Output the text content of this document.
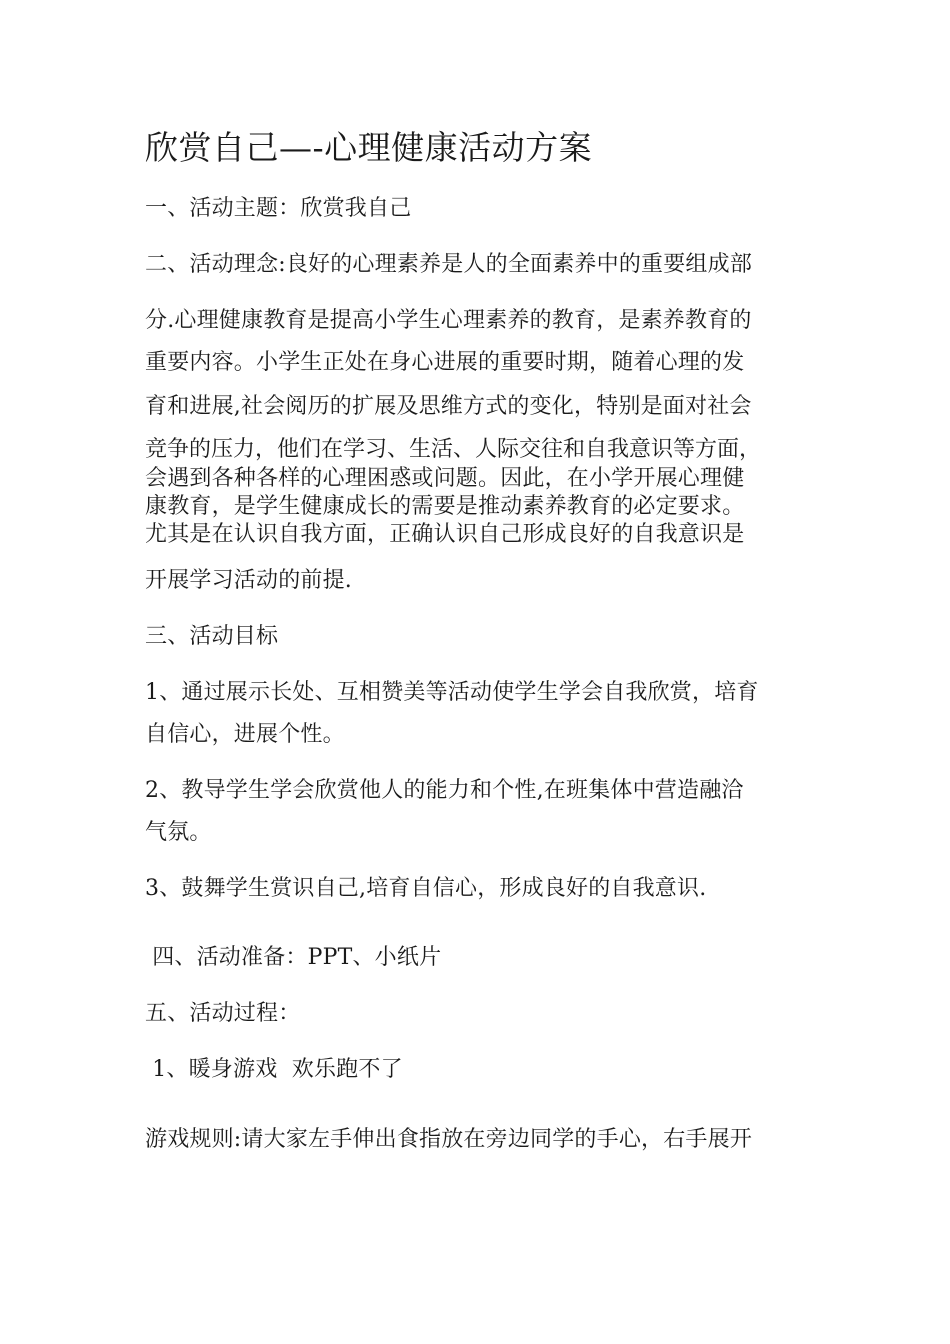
欣赏自己—-心理健康活动方案
一、活动主题：欣赏我自己
二、活动理念:良好的心理素养是人的全面素养中的重要组成部
分.心理健康教育是提高小学生心理素养的教育，是素养教育的
重要内容。小学生正处在身心进展的重要时期，随着心理的发
育和进展,社会阅历的扩展及思维方式的变化，特别是面对社会
竞争的压力，他们在学习、生活、人际交往和自我意识等方面，
会遇到各种各样的心理困惑或问题。因此，在小学开展心理健
康教育，是学生健康成长的需要是推动素养教育的必定要求。
尤其是在认识自我方面，正确认识自己形成良好的自我意识是
开展学习活动的前提.
三、活动目标
1、通过展示长处、互相赞美等活动使学生学会自我欣赏，培育
自信心，进展个性。
2、教导学生学会欣赏他人的能力和个性,在班集体中营造融洽
气氛。
3、鼓舞学生赏识自己,培育自信心，形成良好的自我意识.
四、活动准备：PPT、小纸片
五、活动过程：
1、暖身游戏  欢乐跑不了
游戏规则:请大家左手伸出食指放在旁边同学的手心，右手展开
